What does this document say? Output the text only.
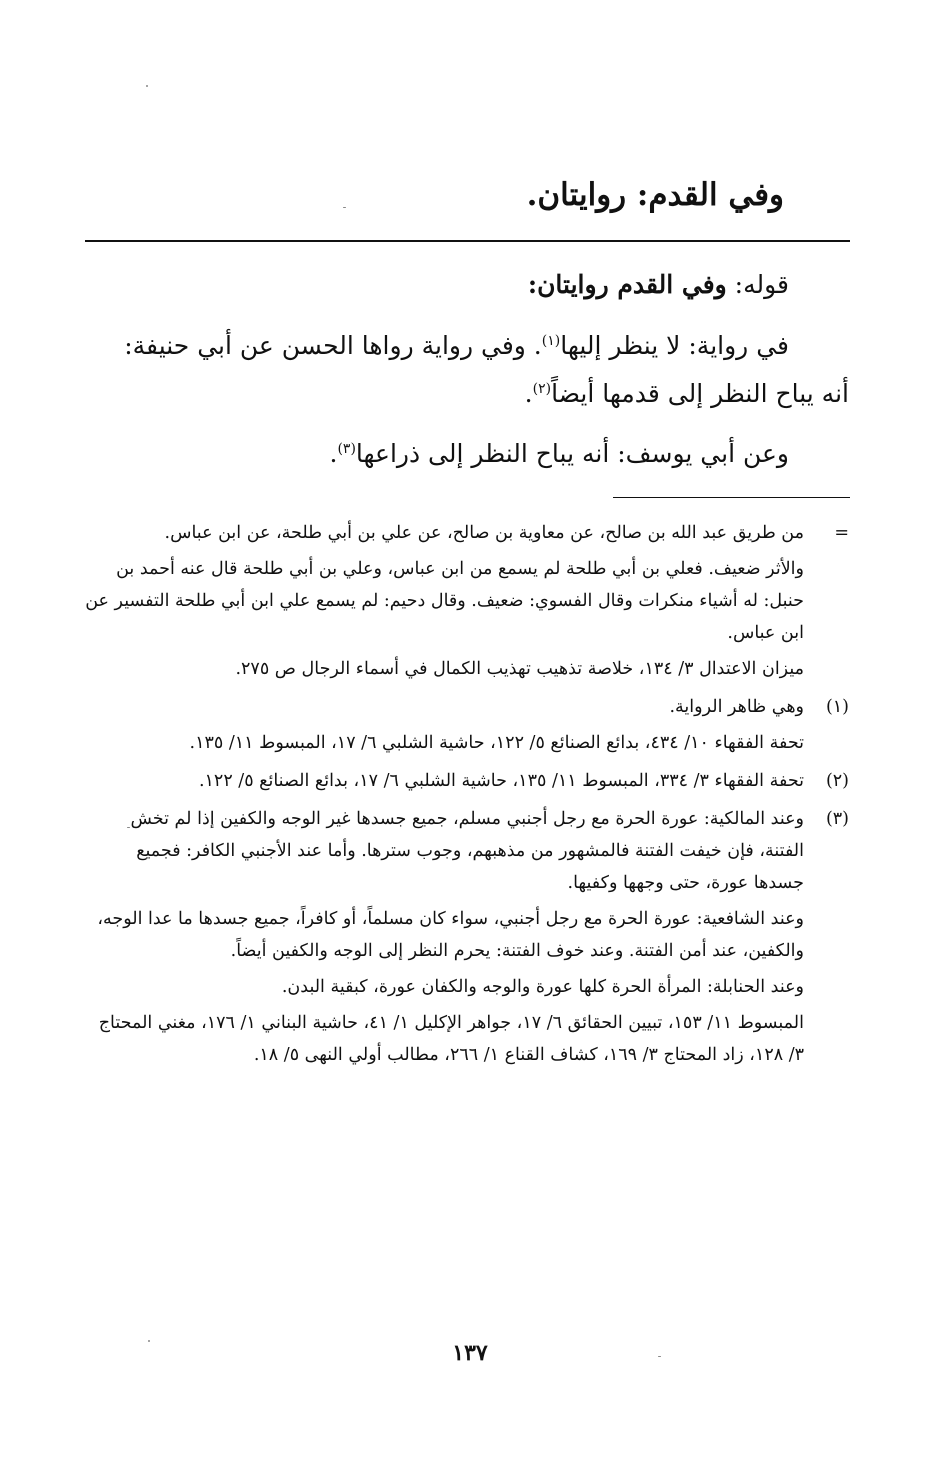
وفي القدم: روايتان.
قوله: وفي القدم روايتان:
في رواية: لا ينظر إليها$^{(١)}$. وفي رواية رواها الحسن عن أبي حنيفة:
أنه يباح النظر إلى قدمها أيضاً$^{(٢)}$.
وعن أبي يوسف: أنه يباح النظر إلى ذراعها$^{(٣)}$.
=

من طريق عبد الله بن صالح، عن معاوية بن صالح، عن علي بن أبي طلحة، عن ابن عباس.

والأثر ضعيف. فعلي بن أبي طلحة لم يسمع من ابن عباس، وعلي بن أبي طلحة قال عنه أحمد بن حنبل: له أشياء منكرات وقال الفسوي: ضعيف. وقال دحيم: لم يسمع علي ابن أبي طلحة التفسير عن ابن عباس.

ميزان الاعتدال ٣/ ١٣٤، خلاصة تذهيب تهذيب الكمال في أسماء الرجال ص ٢٧٥.

(١)

وهي ظاهر الرواية.

تحفة الفقهاء ١٠/ ٤٣٤، بدائع الصنائع ٥/ ١٢٢، حاشية الشلبي ٦/ ١٧، المبسوط ١١/ ١٣٥.

(٢)

تحفة الفقهاء ٣/ ٣٣٤، المبسوط ١١/ ١٣٥، حاشية الشلبي ٦/ ١٧، بدائع الصنائع ٥/ ١٢٢.

(٣)

وعند المالكية: عورة الحرة مع رجل أجنبي مسلم، جميع جسدها غير الوجه والكفين إذا لم تخش الفتنة، فإن خيفت الفتنة فالمشهور من مذهبهم، وجوب سترها. وأما عند الأجنبي الكافر: فجميع جسدها عورة، حتى وجهها وكفيها.

وعند الشافعية: عورة الحرة مع رجل أجنبي، سواء كان مسلماً، أو كافراً، جميع جسدها ما عدا الوجه، والكفين، عند أمن الفتنة. وعند خوف الفتنة: يحرم النظر إلى الوجه والكفين أيضاً.

وعند الحنابلة: المرأة الحرة كلها عورة والوجه والكفان عورة، كبقية البدن.

المبسوط ١١/ ١٥٣، تبيين الحقائق ٦/ ١٧، جواهر الإكليل ١/ ٤١، حاشية البناني ١/ ١٧٦، مغني المحتاج ٣/ ١٢٨، زاد المحتاج ٣/ ١٦٩، كشاف القناع ١/ ٢٦٦، مطالب أولي النهى ٥/ ١٨.

١٣٧
